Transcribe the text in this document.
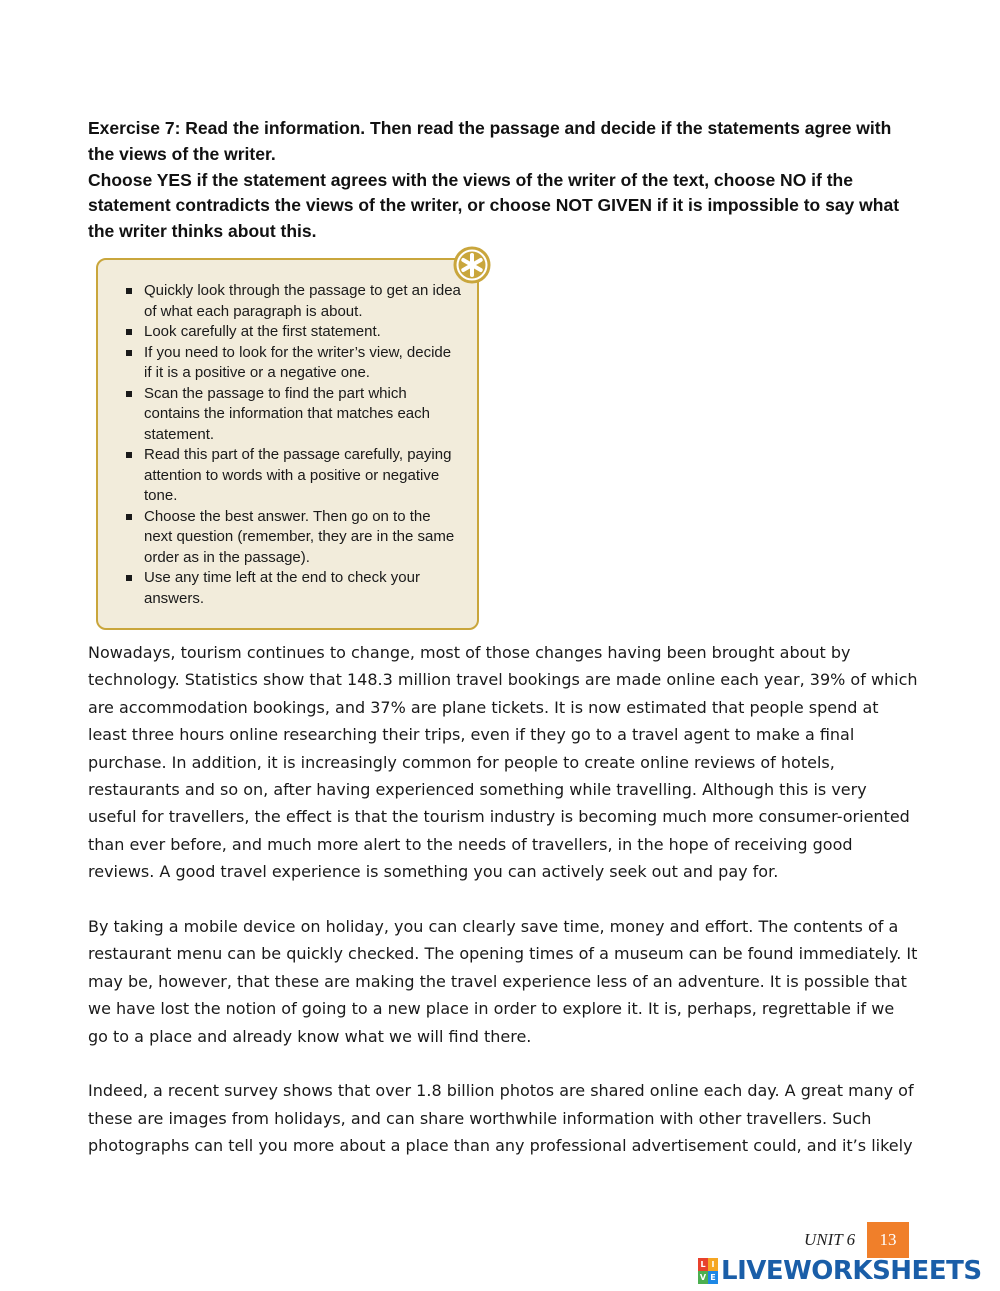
Exercise 7: Read the information. Then read the passage and decide if the statements agree with the views of the writer.

Choose YES if the statement agrees with the views of the writer of the text, choose NO if the statement contradicts the views of the writer, or choose NOT GIVEN if it is impossible to say what the writer thinks about this.

Quickly look through the passage to get an idea of what each paragraph is about.
Look carefully at the first statement.
If you need to look for the writer’s view, decide if it is a positive or a negative one.
Scan the passage to find the part which contains the information that matches each statement.
Read this part of the passage carefully, paying attention to words with a positive or negative tone.
Choose the best answer. Then go on to the next question (remember, they are in the same order as in the passage).
Use any time left at the end to check your answers.

Nowadays, tourism continues to change, most of those changes having been brought about by technology. Statistics show that 148.3 million travel bookings are made online each year, 39% of which are accommodation bookings, and 37% are plane tickets. It is now estimated that people spend at least three hours online researching their trips, even if they go to a travel agent to make a final purchase. In addition, it is increasingly common for people to create online reviews of hotels, restaurants and so on, after having experienced something while travelling. Although this is very useful for travellers, the effect is that the tourism industry is becoming much more consumer-oriented than ever before, and much more alert to the needs of travellers, in the hope of receiving good reviews. A good travel experience is something you can actively seek out and pay for.

By taking a mobile device on holiday, you can clearly save time, money and effort. The contents of a restaurant menu can be quickly checked. The opening times of a museum can be found immediately. It may be, however, that these are making the travel experience less of an adventure. It is possible that we have lost the notion of going to a new place in order to explore it. It is, perhaps, regrettable if we go to a place and already know what we will find there.

Indeed, a recent survey shows that over 1.8 billion photos are shared online each day. A great many of these are images from holidays, and can share worthwhile information with other travellers. Such photographs can tell you more about a place than any professional advertisement could, and it’s likely

UNIT 6	13
L I
V E LIVEWORKSHEETS
